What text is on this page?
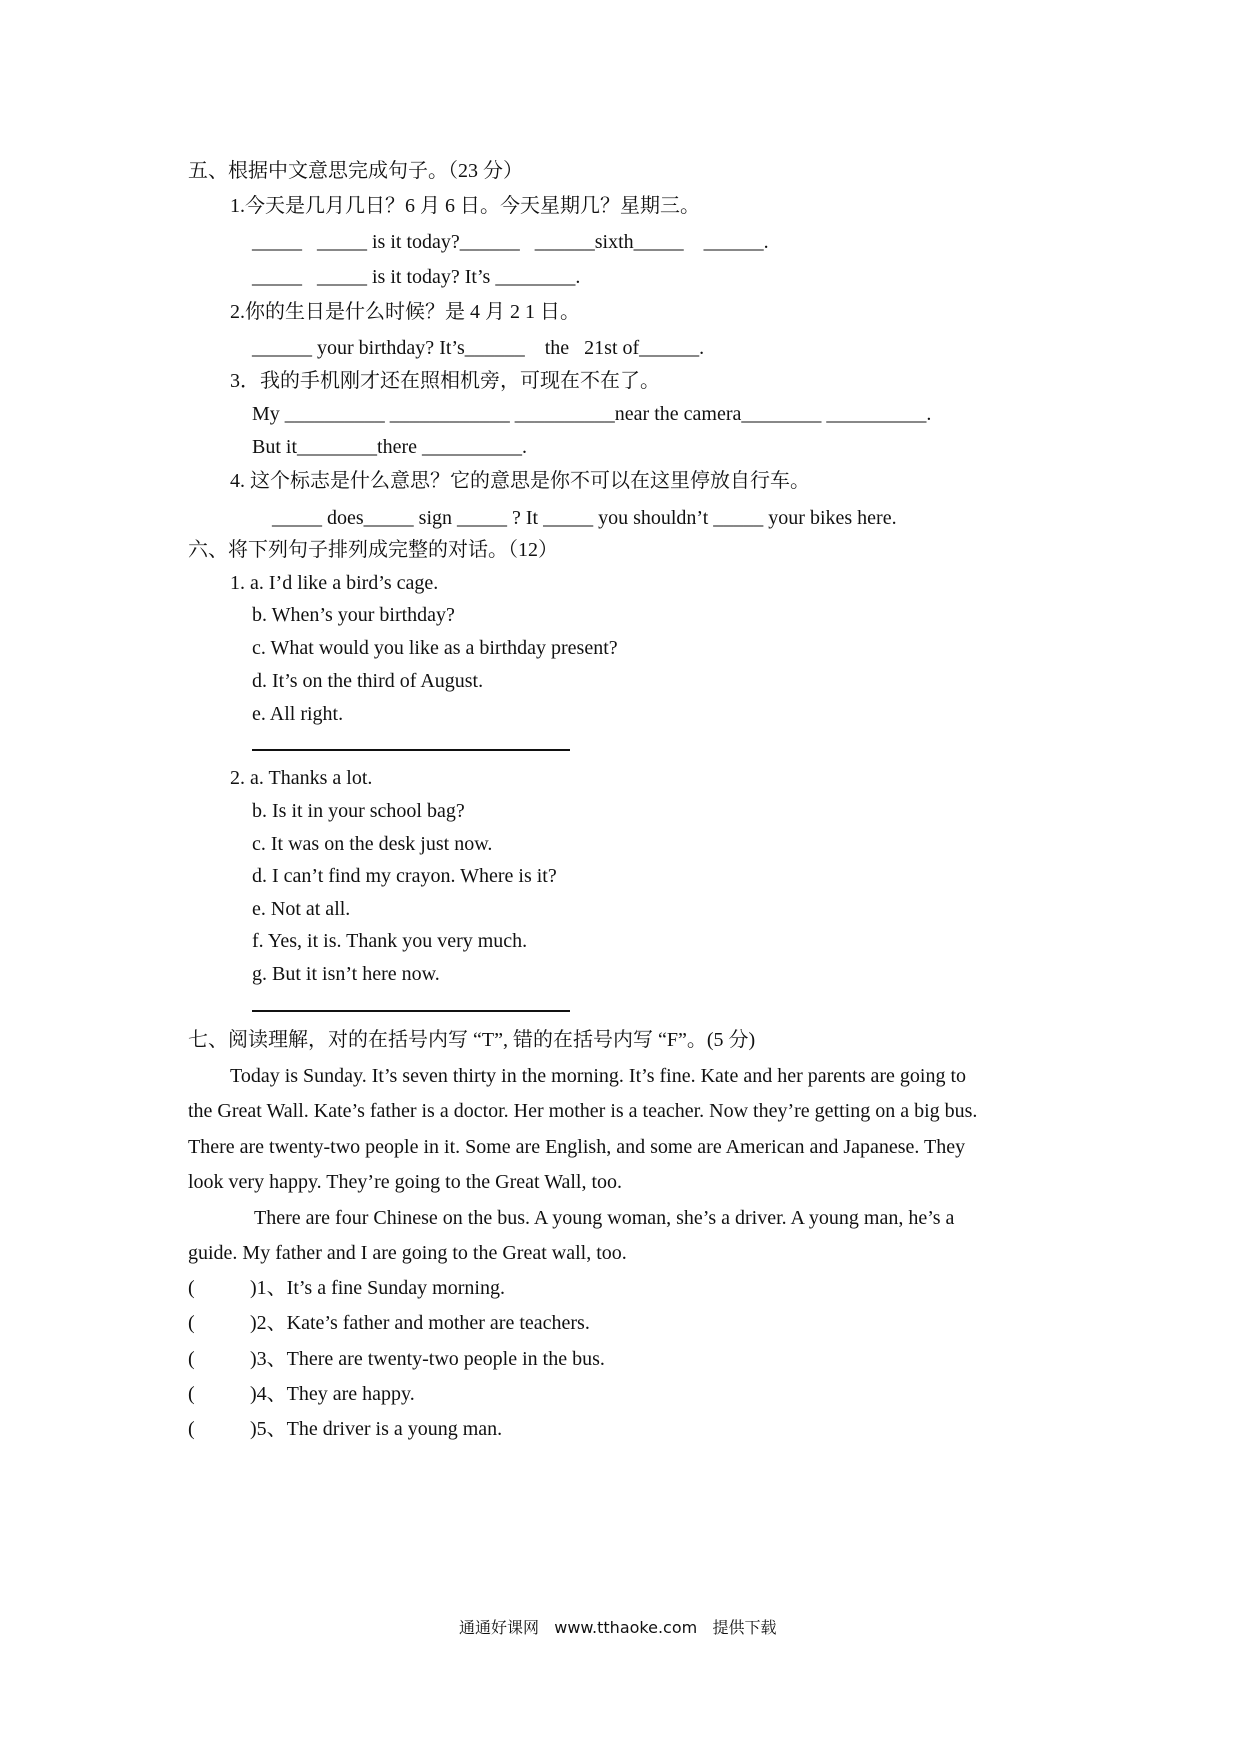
五、根据中文意思完成句子。（23 分）
1.今天是几月几日？6 月 6 日。今天星期几？星期三。
_____   _____ is it today?______   ______sixth_____    ______.
_____   _____ is it today? It’s ________.
2.你的生日是什么时候？是 4 月 2 1 日。
______ your birthday? It’s______    the   21st of______.
3．我的手机刚才还在照相机旁，可现在不在了。
My __________ ____________ __________near the camera________ __________.
But it________there __________.
4. 这个标志是什么意思？它的意思是你不可以在这里停放自行车。
_____ does_____ sign _____ ? It _____ you shouldn’t _____ your bikes here.
六、将下列句子排列成完整的对话。（12）
1. a. I’d like a bird’s cage.
b. When’s your birthday?
c. What would you like as a birthday present?
d. It’s on the third of August.
e. All right.
2. a. Thanks a lot.
b. Is it in your school bag?
c. It was on the desk just now.
d. I can’t find my crayon. Where is it?
e. Not at all.
f. Yes, it is. Thank you very much.
g. But it isn’t here now.
七、阅读理解，对的在括号内写 “T”, 错的在括号内写 “F”。(5 分)
Today is Sunday. It’s seven thirty in the morning. It’s fine. Kate and her parents are going to
the Great Wall. Kate’s father is a doctor. Her mother is a teacher. Now they’re getting on a big bus.
There are twenty-two people in it. Some are English, and some are American and Japanese. They
look very happy. They’re going to the Great Wall, too.
There are four Chinese on the bus. A young woman, she’s a driver. A young man, he’s a
guide. My father and I are going to the Great wall, too.
(	)1、It’s a fine Sunday morning.
(	)2、Kate’s father and mother are teachers.
(	)3、There are twenty-two people in the bus.
(	)4、They are happy.
(	)5、The driver is a young man.
通通好课网   www.tthaoke.com   提供下载
